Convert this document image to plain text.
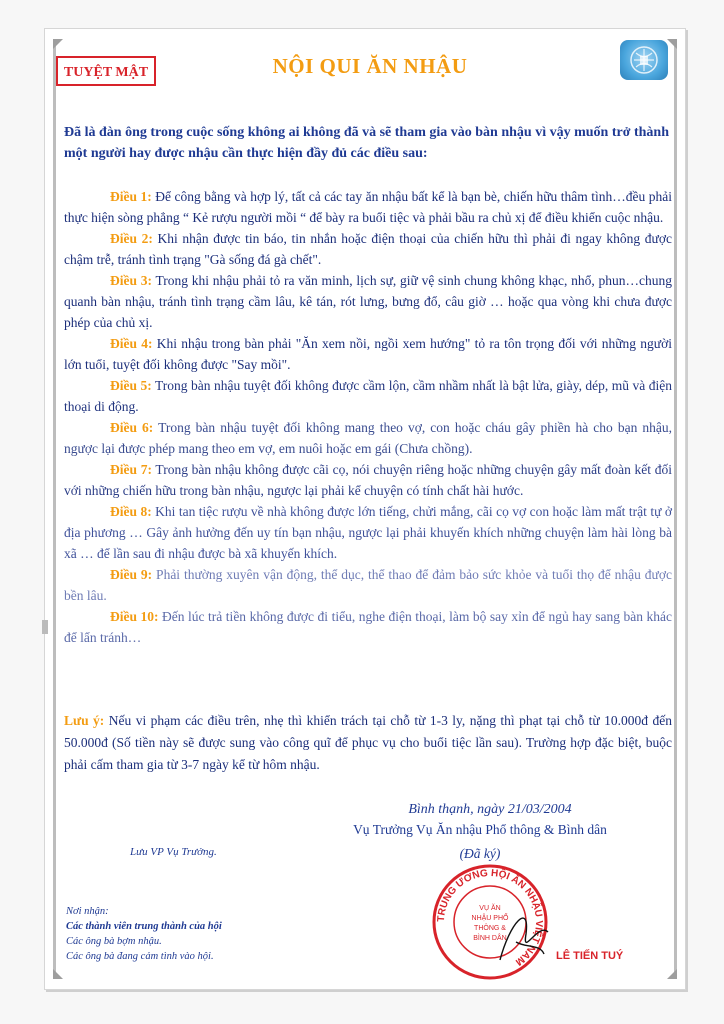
TUYỆT MẬT	NỘI QUI ĂN NHẬU
Đã là đàn ông trong cuộc sống không ai không đã và sẽ tham gia vào bàn nhậu vì vậy muốn trở thành một người hay được nhậu cần thực hiện đầy đủ các điều sau:

Điều 1: Để công bằng và hợp lý, tất cả các tay ăn nhậu bất kể là bạn bè, chiến hữu thâm tình…đều phải thực hiện sòng phẳng “ Kẻ rượu người mồi “ để bày ra buổi tiệc và phải bầu ra chủ xị để điều khiển cuộc nhậu.

Điều 2: Khi nhận được tin báo, tin nhắn hoặc điện thoại của chiến hữu thì phải đi ngay không được chậm trễ, tránh tình trạng "Gà sống đá gà chết".

Điều 3: Trong khi nhậu phải tỏ ra văn minh, lịch sự, giữ vệ sinh chung không khạc, nhổ, phun…chung quanh bàn nhậu, tránh tình trạng cầm lâu, kê tán, rót lưng, bưng đổ, câu giờ … hoặc qua vòng khi chưa được phép của chủ xị.

Điều 4: Khi nhậu trong bàn phải "Ăn xem nồi, ngồi xem hướng" tỏ ra tôn trọng đối với những người lớn tuổi, tuyệt đối không được "Say mồi".

Điều 5: Trong bàn nhậu tuyệt đối không được cầm lộn, cầm nhầm nhất là bật lửa, giày, dép, mũ và điện thoại di động.

Điều 6: Trong bàn nhậu tuyệt đối không mang theo vợ, con hoặc cháu gây phiền hà cho bạn nhậu, ngược lại được phép mang theo em vợ, em nuôi hoặc em gái (Chưa chồng).

Điều 7: Trong bàn nhậu không được cãi cọ, nói chuyện riêng hoặc những chuyện gây mất đoàn kết đối với những chiến hữu trong bàn nhậu, ngược lại phải kể chuyện có tính chất hài hước.

Điều 8: Khi tan tiệc rượu về nhà không được lớn tiếng, chửi mắng, cãi cọ vợ con hoặc làm mất trật tự ở địa phương … Gây ảnh hưởng đến uy tín bạn nhậu, ngược lại phải khuyến khích những chuyện làm hài lòng bà xã … để lần sau đi nhậu được bà xã khuyến khích.

Điều 9: Phải thường xuyên vận động, thể dục, thể thao để đảm bảo sức khỏe và tuổi thọ để nhậu được bền lâu.

Điều 10: Đến lúc trả tiền không được đi tiểu, nghe điện thoại, làm bộ say xỉn để ngủ hay sang bàn khác để lẩn tránh…

Lưu ý: Nếu vi phạm các điều trên, nhẹ thì khiển trách tại chỗ từ 1-3 ly, nặng thì phạt tại chỗ từ 10.000đ đến 50.000đ (Số tiền này sẽ được sung vào công quĩ để phục vụ cho buổi tiệc lần sau). Trường hợp đặc biệt, buộc phải cấm tham gia từ 3-7 ngày kể từ hôm nhậu.
Bình thạnh, ngày 21/03/2004
Vụ Trưởng Vụ Ăn nhậu Phổ thông & Bình dân
(Đã ký)
Lưu VP Vụ Trưởng.
Nơi nhận:
Các thành viên trung thành của hội
Các ông bà bợm nhậu.
Các ông bà đang cảm tình vào hội.
TRUNG ƯƠNG HỘI ĂN NHẬU VIỆT NAM
VỤ ĂN
NHẬU PHỔ
THÔNG &
BÌNH DÂN
LÊ TIẾN TUÝ
